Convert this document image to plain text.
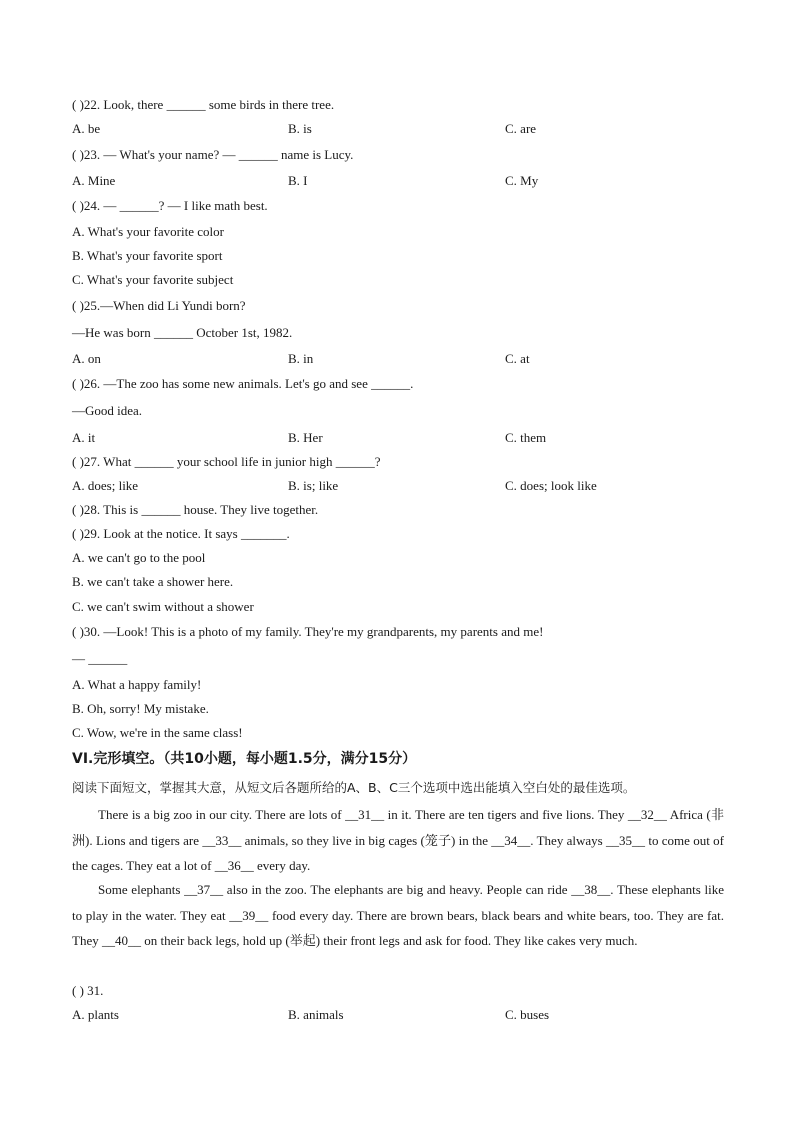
( )22. Look, there ______ some birds in there tree.
A. be	B. is	C. are
( )23. — What's your name? — ______ name is Lucy.
A. Mine	B. I	C. My
( )24. — ______? — I like math best.
A. What's your favorite color
B. What's your favorite sport
C. What's your favorite subject
( )25.—When did Li Yundi born?
—He was born ______ October 1st, 1982.
A. on	B. in	C. at
( )26. —The zoo has some new animals. Let's go and see ______.
—Good idea.
A. it	B. Her	C. them
( )27. What ______ your school life in junior high ______?
A. does; like	B. is; like	C. does; look like
( )28. This is ______ house. They live together.
( )29. Look at the notice. It says _______.
A. we can't go to the pool
B. we can't take a shower here.
C. we can't swim without a shower
( )30. —Look! This is a photo of my family. They're my grandparents, my parents and me!
— ______
A. What a happy family!
B. Oh, sorry! My mistake.
C. Wow, we're in the same class!
VI.完形填空。（共10小题，每小题1.5分，满分15分）
阅读下面短文，掌握其大意，从短文后各题所给的A、B、C三个选项中选出能填入空白处的最佳选项。
There is a big zoo in our city. There are lots of __31__ in it. There are ten tigers and five lions. They __32__ Africa (非洲). Lions and tigers are __33__ animals, so they live in big cages (笼子) in the __34__. They always __35__ to come out of the cages. They eat a lot of __36__ every day.
Some elephants __37__ also in the zoo. The elephants are big and heavy. People can ride __38__. These elephants like to play in the water. They eat __39__ food every day. There are brown bears, black bears and white bears, too. They are fat. They __40__ on their back legs, hold up (举起) their front legs and ask for food. They like cakes very much.
( ) 31.
A. plants	B. animals	C. buses
